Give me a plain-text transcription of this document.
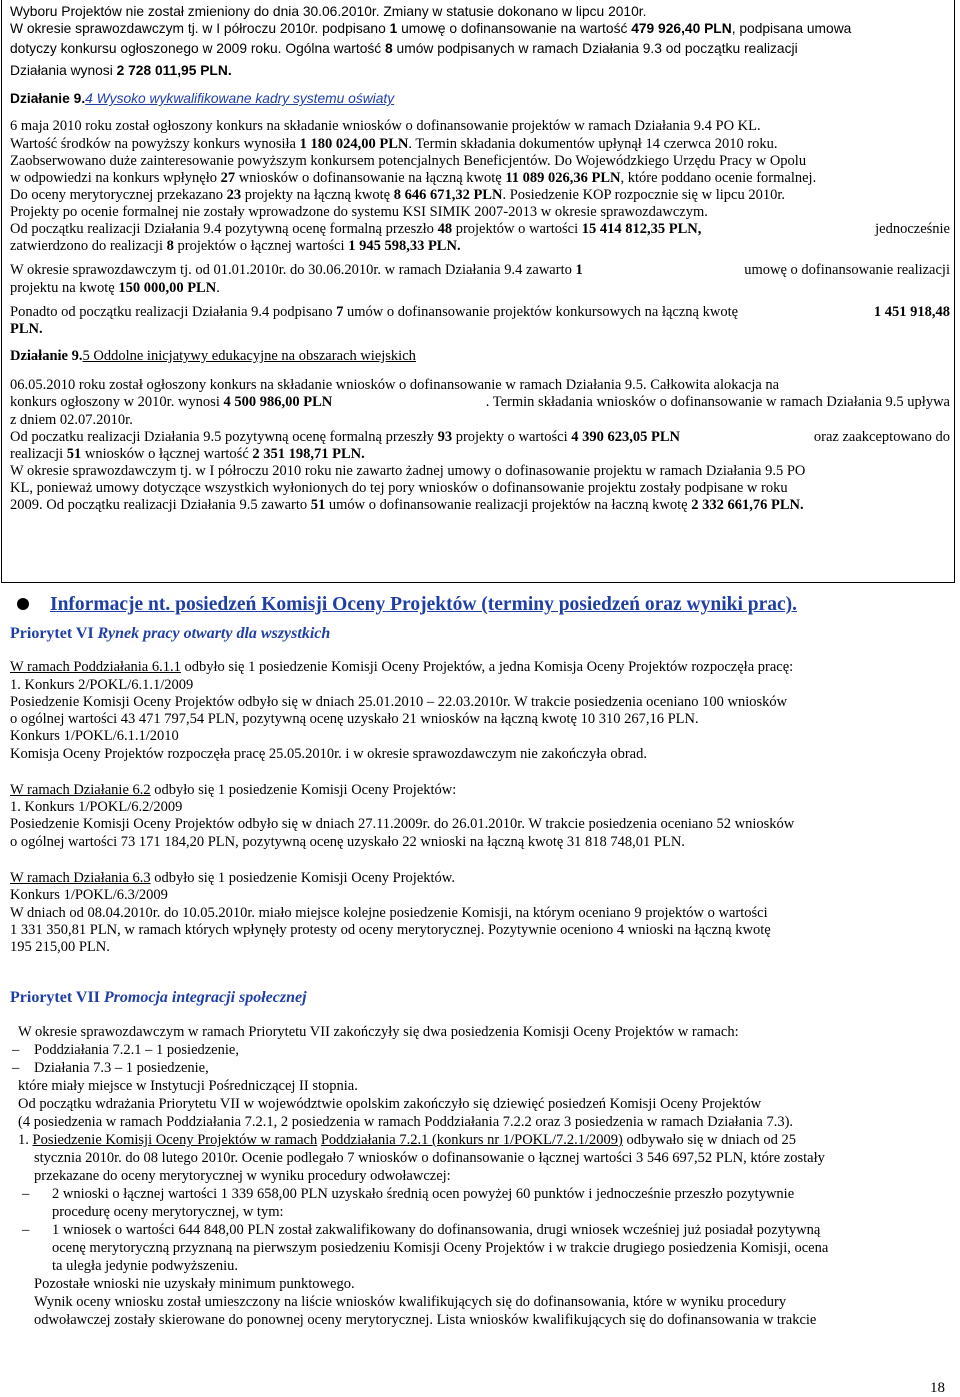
Wyboru Projektów nie został zmieniony do dnia 30.06.2010r. Zmiany w statusie dokonano w lipcu 2010r.
W okresie sprawozdawczym tj. w I półroczu 2010r. podpisano 1 umowę o dofinansowanie na wartość 479 926,40 PLN, podpisana umowa
dotyczy konkursu ogłoszonego w 2009 roku. Ogólna wartość 8 umów podpisanych w ramach Działania 9.3 od początku realizacji
Działania wynosi 2 728 011,95 PLN.
Działanie 9.4 Wysoko wykwalifikowane kadry systemu oświaty
6 maja 2010 roku został ogłoszony konkurs na składanie wniosków o dofinansowanie projektów w ramach Działania 9.4 PO KL.
Wartość środków na powyższy konkurs wynosiła 1 180 024,00 PLN. Termin składania dokumentów upłynął 14 czerwca 2010 roku.
Zaobserwowano duże zainteresowanie powyższym konkursem potencjalnych Beneficjentów. Do Wojewódzkiego Urzędu Pracy w Opolu
w odpowiedzi na konkurs wpłynęło 27 wniosków o dofinansowanie na łączną kwotę 11 089 026,36 PLN, które poddano ocenie formalnej.
Do oceny merytorycznej przekazano 23 projekty na łączną kwotę 8 646 671,32 PLN. Posiedzenie KOP rozpocznie się w lipcu 2010r.
Projekty po ocenie formalnej nie zostały wprowadzone do systemu KSI SIMIK 2007-2013 w okresie sprawozdawczym.
Od początku realizacji Działania 9.4 pozytywną ocenę formalną przeszło 48 projektów o wartości 15 414 812,35 PLN,	jednocześnie
zatwierdzono do realizacji 8 projektów o łącznej wartości 1 945 598,33 PLN.
W okresie sprawozdawczym tj. od 01.01.2010r. do 30.06.2010r. w ramach Działania 9.4 zawarto 1	umowę o dofinansowanie realizacji
projektu na kwotę 150 000,00 PLN.
Ponadto od początku realizacji Działania 9.4 podpisano 7 umów o dofinansowanie projektów konkursowych na łączną kwotę	1 451 918,48
PLN.
Działanie 9.5 Oddolne inicjatywy edukacyjne na obszarach wiejskich
06.05.2010 roku został ogłoszony konkurs na składanie wniosków o dofinansowanie w ramach Działania 9.5. Całkowita alokacja na
konkurs ogłoszony w 2010r. wynosi 4 500 986,00 PLN	. Termin składania wniosków o dofinansowanie w ramach Działania 9.5 upływa
z dniem 02.07.2010r.
Od poczatku realizacji Działania 9.5 pozytywną ocenę formalną przeszły 93 projekty o wartości 4 390 623,05 PLN	oraz zaakceptowano do
realizacji 51 wniosków o łącznej wartość 2 351 198,71 PLN.
W okresie sprawozdawczym tj. w I półroczu 2010 roku nie zawarto żadnej umowy o dofinasowanie projektu w ramach Działania 9.5 PO
KL, ponieważ umowy dotyczące wszystkich wyłonionych do tej pory wniosków o dofinansowanie projektu zostały podpisane w roku
2009. Od początku realizacji Działania 9.5 zawarto 51 umów o dofinansowanie realizacji projektów na łaczną kwotę 2 332 661,76 PLN.
Informacje nt. posiedzeń Komisji Oceny Projektów (terminy posiedzeń oraz wyniki prac).
Priorytet VI Rynek pracy otwarty dla wszystkich
W ramach Poddziałania 6.1.1 odbyło się 1 posiedzenie Komisji Oceny Projektów, a jedna Komisja Oceny Projektów rozpoczęła pracę:
1. Konkurs 2/POKL/6.1.1/2009
Posiedzenie Komisji Oceny Projektów odbyło się w dniach 25.01.2010 – 22.03.2010r. W trakcie posiedzenia oceniano 100 wniosków
o ogólnej wartości 43 471 797,54 PLN, pozytywną ocenę uzyskało 21 wniosków na łączną kwotę 10 310 267,16 PLN.
Konkurs 1/POKL/6.1.1/2010
Komisja Oceny Projektów rozpoczęła pracę 25.05.2010r. i w okresie sprawozdawczym nie zakończyła obrad.
W ramach Działanie 6.2 odbyło się 1 posiedzenie Komisji Oceny Projektów:
1. Konkurs 1/POKL/6.2/2009
Posiedzenie Komisji Oceny Projektów odbyło się w dniach 27.11.2009r. do 26.01.2010r. W trakcie posiedzenia oceniano 52 wniosków
o ogólnej wartości 73 171 184,20 PLN, pozytywną ocenę uzyskało 22 wnioski na łączną kwotę 31 818 748,01 PLN.
W ramach Działania 6.3 odbyło się 1 posiedzenie Komisji Oceny Projektów.
Konkurs 1/POKL/6.3/2009
W dniach od 08.04.2010r. do 10.05.2010r. miało miejsce kolejne posiedzenie Komisji, na którym oceniano 9 projektów o wartości
1 331 350,81 PLN, w ramach których wpłynęły protesty od oceny merytorycznej. Pozytywnie oceniono 4 wnioski na łączną kwotę
195 215,00 PLN.
Priorytet VII Promocja integracji społecznej
W okresie sprawozdawczym w ramach Priorytetu VII zakończyły się dwa posiedzenia Komisji Oceny Projektów w ramach:
– Poddziałania 7.2.1 – 1 posiedzenie,
– Działania 7.3 – 1 posiedzenie,
które miały miejsce w Instytucji Pośredniczącej II stopnia.
Od początku wdrażania Priorytetu VII w województwie opolskim zakończyło się dziewięć posiedzeń Komisji Oceny Projektów
(4 posiedzenia w ramach Poddziałania 7.2.1, 2 posiedzenia w ramach Poddziałania 7.2.2 oraz 3 posiedzenia w ramach Działania 7.3).
1. Posiedzenie Komisji Oceny Projektów w ramach Poddziałania 7.2.1 (konkurs nr 1/POKL/7.2.1/2009) odbywało się w dniach od 25
stycznia 2010r. do 08 lutego 2010r. Ocenie podlegało 7 wniosków o dofinansowanie o łącznej wartości 3 546 697,52 PLN, które zostały
przekazane do oceny merytorycznej w wyniku procedury odwoławczej:
– 2 wnioski o łącznej wartości 1 339 658,00 PLN uzyskało średnią ocen powyżej 60 punktów i jednocześnie przeszło pozytywnie
procedurę oceny merytorycznej, w tym:
– 1 wniosek o wartości 644 848,00 PLN został zakwalifikowany do dofinansowania, drugi wniosek wcześniej już posiadał pozytywną
ocenę merytoryczną przyznaną na pierwszym posiedzeniu Komisji Oceny Projektów i w trakcie drugiego posiedzenia Komisji, ocena
ta uległa jedynie podwyższeniu.
Pozostałe wnioski nie uzyskały minimum punktowego.
Wynik oceny wniosku został umieszczony na liście wniosków kwalifikujących się do dofinansowania, które w wyniku procedury
odwoławczej zostały skierowane do ponownej oceny merytorycznej. Lista wniosków kwalifikujących się do dofinansowania w trakcie
18
